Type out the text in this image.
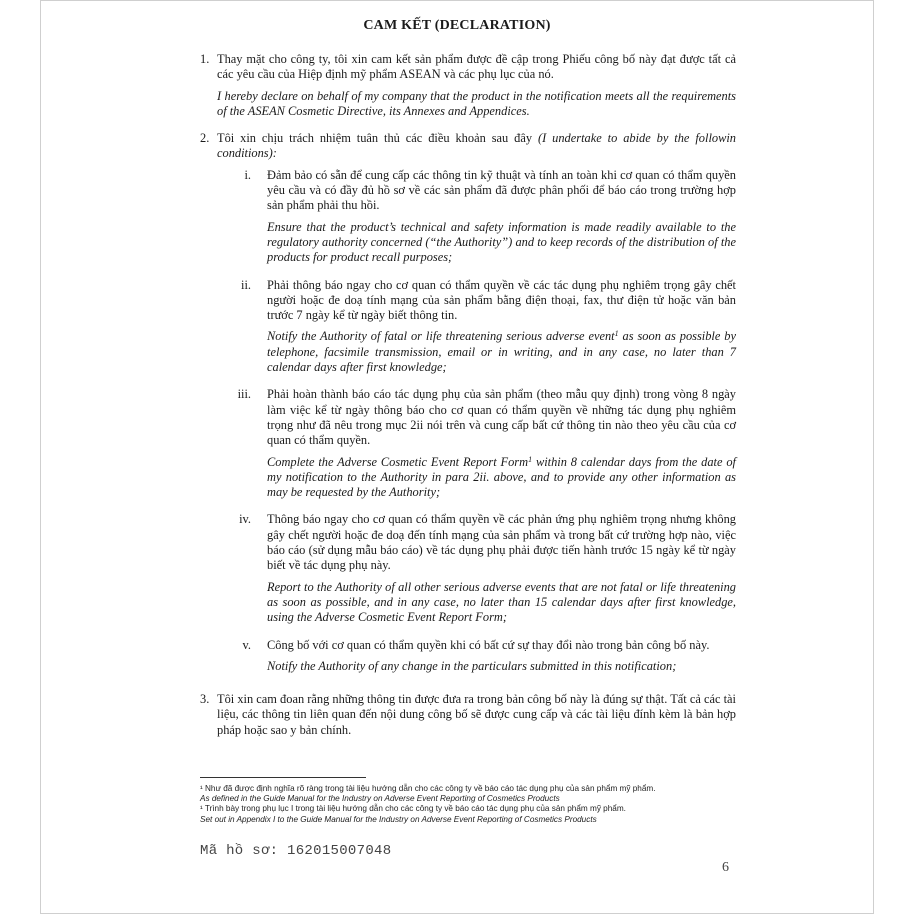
CAM KẾT (DECLARATION)
1. Thay mặt cho công ty, tôi xin cam kết sản phẩm được đề cập trong Phiếu công bố này đạt được tất cả các yêu cầu của Hiệp định mỹ phẩm ASEAN và các phụ lục của nó.

I hereby declare on behalf of my company that the product in the notification meets all the requirements of the ASEAN Cosmetic Directive, its Annexes and Appendices.

2. Tôi xin chịu trách nhiệm tuân thủ các điều khoản sau đây (I undertake to abide by the followin conditions):

i.	Đảm bảo có sẵn để cung cấp các thông tin kỹ thuật và tính an toàn khi cơ quan có thẩm quyền yêu cầu và có đầy đủ hồ sơ về các sản phẩm đã được phân phối để báo cáo trong trường hợp sản phẩm phải thu hồi.

Ensure that the product’s technical and safety information is made readily available to the regulatory authority concerned (“the Authority”) and to keep records of the distribution of the products for product recall purposes;

ii.	Phải thông báo ngay cho cơ quan có thẩm quyền về các tác dụng phụ nghiêm trọng gây chết người hoặc đe doạ tính mạng của sản phẩm bằng điện thoại, fax, thư điện tử hoặc văn bản trước 7 ngày kể từ ngày biết thông tin.

Notify the Authority of fatal or life threatening serious adverse event$^1$ as soon as possible by telephone, facsimile transmission, email or in writing, and in any case, no later than 7 calendar days after first knowledge;

iii.	Phải hoàn thành báo cáo tác dụng phụ của sản phẩm (theo mẫu quy định) trong vòng 8 ngày làm việc kể từ ngày thông báo cho cơ quan có thẩm quyền về những tác dụng phụ nghiêm trọng như đã nêu trong mục 2ii nói trên và cung cấp bất cứ thông tin nào theo yêu cầu của cơ quan có thẩm quyền.

Complete the Adverse Cosmetic Event Report Form$^1$ within 8 calendar days from the date of my notification to the Authority in para 2ii. above, and to provide any other information as may be requested by the Authority;

iv.	Thông báo ngay cho cơ quan có thẩm quyền về các phản ứng phụ nghiêm trọng nhưng không gây chết người hoặc đe doạ đến tính mạng của sản phẩm và trong bất cứ trường hợp nào, việc báo cáo (sử dụng mẫu báo cáo) về tác dụng phụ phải được tiến hành trước 15 ngày kể từ ngày biết về tác dụng phụ này.

Report to the Authority of all other serious adverse events that are not fatal or life threatening as soon as possible, and in any case, no later than 15 calendar days after first knowledge, using the Adverse Cosmetic Event Report Form;

v.	Công bố với cơ quan có thẩm quyền khi có bất cứ sự thay đổi nào trong bản công bố này.

Notify the Authority of any change in the particulars submitted in this notification;

3. Tôi xin cam đoan rằng những thông tin được đưa ra trong bản công bố này là đúng sự thật. Tất cả các tài liệu, các thông tin liên quan đến nội dung công bố sẽ được cung cấp và các tài liệu đính kèm là bản hợp pháp hoặc sao y bản chính.

¹ Như đã được định nghĩa rõ ràng trong tài liệu hướng dẫn cho các công ty về báo cáo tác dụng phụ của sản phẩm mỹ phẩm.
As defined in the Guide Manual for the Industry on Adverse Event Reporting of Cosmetics Products
¹ Trình bày trong phụ lục I trong tài liệu hướng dẫn cho các công ty về báo cáo tác dụng phụ của sản phẩm mỹ phẩm.
Set out in Appendix I to the Guide Manual for the Industry on Adverse Event Reporting of Cosmetics Products
Mã hồ sơ: 162015007048
6
